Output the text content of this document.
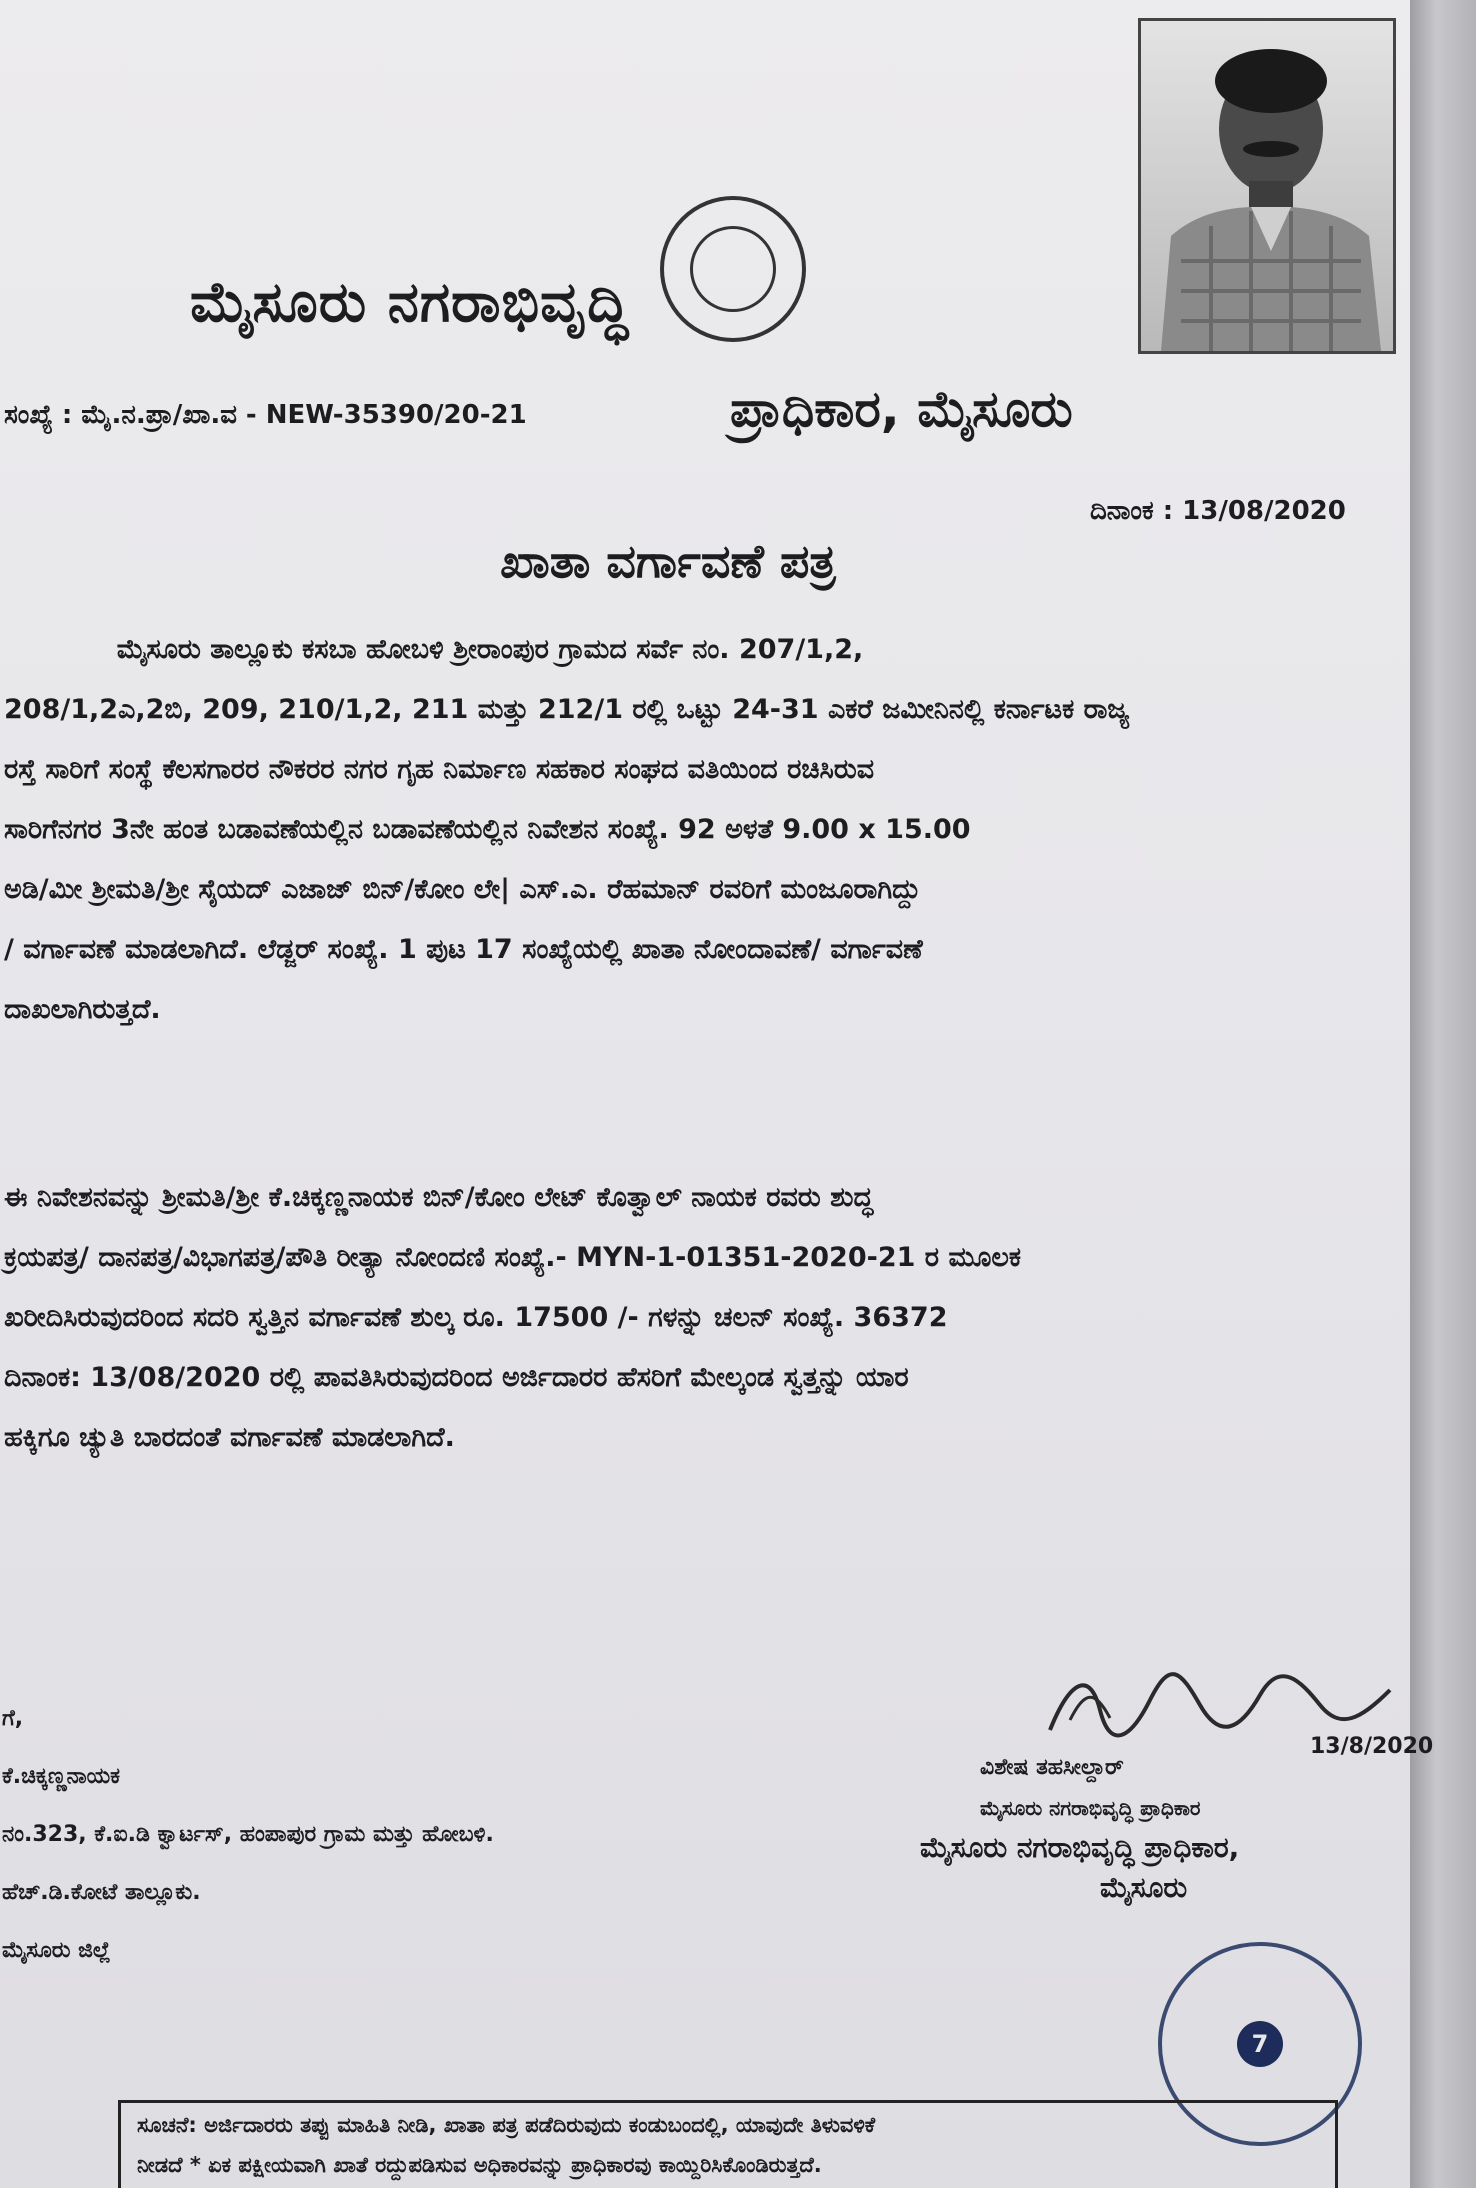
ಮೈಸೂರು ನಗರಾಭಿವೃದ್ಧಿ
ಪ್ರಾಧಿಕಾರ, ಮೈಸೂರು
ಸಂಖ್ಯೆ : ಮೈ.ನ.ಪ್ರಾ/ಖಾ.ವ - NEW-35390/20-21
ದಿನಾಂಕ : 13/08/2020
ಖಾತಾ ವರ್ಗಾವಣೆ ಪತ್ರ
ಮೈಸೂರು ತಾಲ್ಲೂಕು ಕಸಬಾ ಹೋಬಳಿ ಶ್ರೀರಾಂಪುರ ಗ್ರಾಮದ ಸರ್ವೆ ನಂ. 207/1,2,
208/1,2ಎ,2ಬಿ, 209, 210/1,2, 211 ಮತ್ತು 212/1 ರಲ್ಲಿ ಒಟ್ಟು 24-31 ಎಕರೆ ಜಮೀನಿನಲ್ಲಿ ಕರ್ನಾಟಕ ರಾಜ್ಯ
ರಸ್ತೆ ಸಾರಿಗೆ ಸಂಸ್ಥೆ ಕೆಲಸಗಾರರ ನೌಕರರ ನಗರ ಗೃಹ ನಿರ್ಮಾಣ ಸಹಕಾರ ಸಂಘದ ವತಿಯಿಂದ ರಚಿಸಿರುವ
ಸಾರಿಗೆನಗರ 3ನೇ ಹಂತ ಬಡಾವಣೆಯಲ್ಲಿನ ಬಡಾವಣೆಯಲ್ಲಿನ ನಿವೇಶನ ಸಂಖ್ಯೆ. 92 ಅಳತೆ 9.00 x 15.00
ಅಡಿ/ಮೀ ಶ್ರೀಮತಿ/ಶ್ರೀ ಸೈಯದ್ ಎಜಾಜ್ ಬಿನ್/ಕೋಂ ಲೇ| ಎಸ್.ಎ. ರೆಹಮಾನ್ ರವರಿಗೆ ಮಂಜೂರಾಗಿದ್ದು
/ ವರ್ಗಾವಣೆ ಮಾಡಲಾಗಿದೆ. ಲೆಡ್ಜರ್ ಸಂಖ್ಯೆ. 1 ಪುಟ 17 ಸಂಖ್ಯೆಯಲ್ಲಿ ಖಾತಾ ನೋಂದಾವಣೆ/ ವರ್ಗಾವಣೆ
ದಾಖಲಾಗಿರುತ್ತದೆ.
ಈ ನಿವೇಶನವನ್ನು ಶ್ರೀಮತಿ/ಶ್ರೀ ಕೆ.ಚಿಕ್ಕಣ್ಣನಾಯಕ ಬಿನ್/ಕೋಂ ಲೇಟ್ ಕೊತ್ವಾಲ್ ನಾಯಕ ರವರು ಶುದ್ಧ
ಕ್ರಯಪತ್ರ/ ದಾನಪತ್ರ/ವಿಭಾಗಪತ್ರ/ಪೌತಿ ರೀತ್ಯಾ ನೋಂದಣಿ ಸಂಖ್ಯೆ.- MYN-1-01351-2020-21 ರ ಮೂಲಕ
ಖರೀದಿಸಿರುವುದರಿಂದ ಸದರಿ ಸ್ವತ್ತಿನ ವರ್ಗಾವಣೆ ಶುಲ್ಕ ರೂ. 17500 /- ಗಳನ್ನು ಚಲನ್ ಸಂಖ್ಯೆ. 36372
ದಿನಾಂಕ: 13/08/2020 ರಲ್ಲಿ ಪಾವತಿಸಿರುವುದರಿಂದ ಅರ್ಜಿದಾರರ ಹೆಸರಿಗೆ ಮೇಲ್ಕಂಡ ಸ್ವತ್ತನ್ನು ಯಾರ
ಹಕ್ಕಿಗೂ ಚ್ಯುತಿ ಬಾರದಂತೆ ವರ್ಗಾವಣೆ ಮಾಡಲಾಗಿದೆ.
ಗೆ,
ಕೆ.ಚಿಕ್ಕಣ್ಣನಾಯಕ
ನಂ.323, ಕೆ.ಐ.ಡಿ ಕ್ವಾರ್ಟಸ್, ಹಂಪಾಪುರ ಗ್ರಾಮ ಮತ್ತು ಹೋಬಳಿ.
ಹೆಚ್.ಡಿ.ಕೋಟೆ ತಾಲ್ಲೂಕು.
ಮೈಸೂರು ಜಿಲ್ಲೆ
13/8/2020
ವಿಶೇಷ ತಹಸೀಲ್ದಾರ್
ಮೈಸೂರು ನಗರಾಭಿವೃದ್ಧಿ ಪ್ರಾಧಿಕಾರ
ಮೈಸೂರು ನಗರಾಭಿವೃದ್ಧಿ ಪ್ರಾಧಿಕಾರ,
ಮೈಸೂರು
7
ಸೂಚನೆ: ಅರ್ಜಿದಾರರು ತಪ್ಪು ಮಾಹಿತಿ ನೀಡಿ, ಖಾತಾ ಪತ್ರ ಪಡೆದಿರುವುದು ಕಂಡುಬಂದಲ್ಲಿ, ಯಾವುದೇ ತಿಳುವಳಿಕೆ
ನೀಡದೆ * ಏಕ ಪಕ್ಷೀಯವಾಗಿ ಖಾತೆ ರದ್ದುಪಡಿಸುವ ಅಧಿಕಾರವನ್ನು ಪ್ರಾಧಿಕಾರವು ಕಾಯ್ದಿರಿಸಿಕೊಂಡಿರುತ್ತದೆ.
